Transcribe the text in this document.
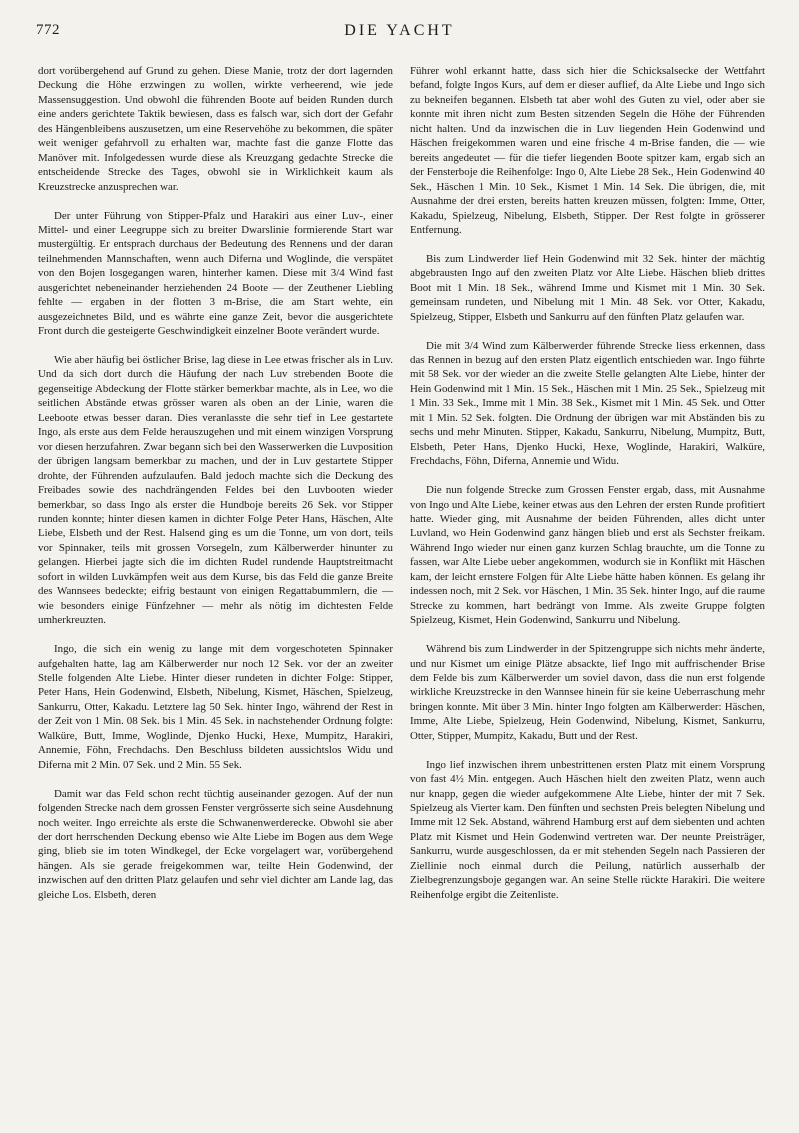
772	DIE YACHT

dort vorübergehend auf Grund zu gehen. Diese Manie, trotz der dort lagernden Deckung die Höhe erzwingen zu wollen, wirkte verheerend, wie jede Massensuggestion. Und obwohl die führenden Boote auf beiden Runden durch eine anders gerichtete Taktik bewiesen, dass es falsch war, sich dort der Gefahr des Hängenbleibens auszusetzen, um eine Reservehöhe zu bekommen, die später weit weniger gefahrvoll zu erhalten war, machte fast die ganze Flotte das Manöver mit. Infolgedessen wurde diese als Kreuzgang gedachte Strecke die entscheidende Strecke des Tages, obwohl sie in Wirklichkeit kaum als Kreuzstrecke anzusprechen war.

Der unter Führung von Stipper-Pfalz und Harakiri aus einer Luv-, einer Mittel- und einer Leegruppe sich zu breiter Dwarslinie formierende Start war mustergültig. Er entsprach durchaus der Bedeutung des Rennens und der daran teilnehmenden Mannschaften, wenn auch Diferna und Woglinde, die verspätet von den Bojen losgegangen waren, hinterher kamen. Diese mit 3/4 Wind fast ausgerichtet nebeneinander herziehenden 24 Boote — der Zeuthener Liebling fehlte — ergaben in der flotten 3 m-Brise, die am Start wehte, ein ausgezeichnetes Bild, und es währte eine ganze Zeit, bevor die ausgerichtete Front durch die gesteigerte Geschwindigkeit einzelner Boote verändert wurde.

Wie aber häufig bei östlicher Brise, lag diese in Lee etwas frischer als in Luv. Und da sich dort durch die Häufung der nach Luv strebenden Boote die gegenseitige Abdeckung der Flotte stärker bemerkbar machte, als in Lee, wo die seitlichen Abstände etwas grösser waren als oben an der Linie, waren die Leeboote etwas besser daran. Dies veranlasste die sehr tief in Lee gestartete Ingo, als erste aus dem Felde herauszugehen und mit einem winzigen Vorsprung vor diesen herzufahren. Zwar begann sich bei den Wasserwerken die Luvposition der übrigen langsam bemerkbar zu machen, und der in Luv gestartete Stipper drohte, der Führenden aufzulaufen. Bald jedoch machte sich die Deckung des Freibades sowie des nachdrängenden Feldes bei den Luvbooten wieder bemerkbar, so dass Ingo als erster die Hundboje bereits 26 Sek. vor Stipper runden konnte; hinter diesen kamen in dichter Folge Peter Hans, Häschen, Alte Liebe, Elsbeth und der Rest. Halsend ging es um die Tonne, um von dort, teils vor Spinnaker, teils mit grossen Vorsegeln, zum Kälberwerder hinunter zu gelangen. Hierbei jagte sich die im dichten Rudel rundende Hauptstreitmacht sofort in wilden Luvkämpfen weit aus dem Kurse, bis das Feld die ganze Breite des Wannsees bedeckte; eifrig bestaunt von einigen Regattabummlern, die — wie besonders einige Fünfzehner — mehr als nötig im dichtesten Felde umherkreuzten.

Ingo, die sich ein wenig zu lange mit dem vorgeschoteten Spinnaker aufgehalten hatte, lag am Kälberwerder nur noch 12 Sek. vor der an zweiter Stelle folgenden Alte Liebe. Hinter dieser rundeten in dichter Folge: Stipper, Peter Hans, Hein Godenwind, Elsbeth, Nibelung, Kismet, Häschen, Spielzeug, Sankurru, Otter, Kakadu. Letztere lag 50 Sek. hinter Ingo, während der Rest in der Zeit von 1 Min. 08 Sek. bis 1 Min. 45 Sek. in nachstehender Ordnung folgte: Walküre, Butt, Imme, Woglinde, Djenko Hucki, Hexe, Mumpitz, Harakiri, Annemie, Föhn, Frechdachs. Den Beschluss bildeten aussichtslos Widu und Diferna mit 2 Min. 07 Sek. und 2 Min. 55 Sek.

Damit war das Feld schon recht tüchtig auseinander gezogen. Auf der nun folgenden Strecke nach dem grossen Fenster vergrösserte sich seine Ausdehnung noch weiter. Ingo erreichte als erste die Schwanenwerderecke. Obwohl sie aber der dort herrschenden Deckung ebenso wie Alte Liebe im Bogen aus dem Wege ging, blieb sie im toten Windkegel, der Ecke vorgelagert war, vorübergehend hängen. Als sie gerade freigekommen war, teilte Hein Godenwind, der inzwischen auf den dritten Platz gelaufen und sehr viel dichter am Lande lag, das gleiche Los. Elsbeth, deren

Führer wohl erkannt hatte, dass sich hier die Schicksalsecke der Wettfahrt befand, folgte Ingos Kurs, auf dem er dieser auflief, da Alte Liebe und Ingo sich zu bekneifen begannen. Elsbeth tat aber wohl des Guten zu viel, oder aber sie konnte mit ihren nicht zum Besten sitzenden Segeln die Höhe der Führenden nicht halten. Und da inzwischen die in Luv liegenden Hein Godenwind und Häschen freigekommen waren und eine frische 4 m-Brise fanden, die — wie bereits angedeutet — für die tiefer liegenden Boote spitzer kam, ergab sich an der Fensterboje die Reihenfolge: Ingo 0, Alte Liebe 28 Sek., Hein Godenwind 40 Sek., Häschen 1 Min. 10 Sek., Kismet 1 Min. 14 Sek. Die übrigen, die, mit Ausnahme der drei ersten, bereits hatten kreuzen müssen, folgten: Imme, Otter, Kakadu, Spielzeug, Nibelung, Elsbeth, Stipper. Der Rest folgte in grösserer Entfernung.

Bis zum Lindwerder lief Hein Godenwind mit 32 Sek. hinter der mächtig abgebrausten Ingo auf den zweiten Platz vor Alte Liebe. Häschen blieb drittes Boot mit 1 Min. 18 Sek., während Imme und Kismet mit 1 Min. 30 Sek. gemeinsam rundeten, und Nibelung mit 1 Min. 48 Sek. vor Otter, Kakadu, Spielzeug, Stipper, Elsbeth und Sankurru auf den fünften Platz gelaufen war.

Die mit 3/4 Wind zum Kälberwerder führende Strecke liess erkennen, dass das Rennen in bezug auf den ersten Platz eigentlich entschieden war. Ingo führte mit 58 Sek. vor der wieder an die zweite Stelle gelangten Alte Liebe, hinter der Hein Godenwind mit 1 Min. 15 Sek., Häschen mit 1 Min. 25 Sek., Spielzeug mit 1 Min. 33 Sek., Imme mit 1 Min. 38 Sek., Kismet mit 1 Min. 45 Sek. und Otter mit 1 Min. 52 Sek. folgten. Die Ordnung der übrigen war mit Abständen bis zu sechs und mehr Minuten. Stipper, Kakadu, Sankurru, Nibelung, Mumpitz, Butt, Elsbeth, Peter Hans, Djenko Hucki, Hexe, Woglinde, Harakiri, Walküre, Frechdachs, Föhn, Diferna, Annemie und Widu.

Die nun folgende Strecke zum Grossen Fenster ergab, dass, mit Ausnahme von Ingo und Alte Liebe, keiner etwas aus den Lehren der ersten Runde profitiert hatte. Wieder ging, mit Ausnahme der beiden Führenden, alles dicht unter Luvland, wo Hein Godenwind ganz hängen blieb und erst als Sechster freikam. Während Ingo wieder nur einen ganz kurzen Schlag brauchte, um die Tonne zu fassen, war Alte Liebe ueber angekommen, wodurch sie in Konflikt mit Häschen kam, der leicht ernstere Folgen für Alte Liebe hätte haben können. Es gelang ihr indessen noch, mit 2 Sek. vor Häschen, 1 Min. 35 Sek. hinter Ingo, auf die raume Strecke zu kommen, hart bedrängt von Imme. Als zweite Gruppe folgten Spielzeug, Kismet, Hein Godenwind, Sankurru und Nibelung.

Während bis zum Lindwerder in der Spitzengruppe sich nichts mehr änderte, und nur Kismet um einige Plätze absackte, lief Ingo mit auffrischender Brise dem Felde bis zum Kälberwerder um soviel davon, dass die nun erst folgende wirkliche Kreuzstrecke in den Wannsee hinein für sie keine Ueberraschung mehr bringen konnte. Mit über 3 Min. hinter Ingo folgten am Kälberwerder: Häschen, Imme, Alte Liebe, Spielzeug, Hein Godenwind, Nibelung, Kismet, Sankurru, Otter, Stipper, Mumpitz, Kakadu, Butt und der Rest.

Ingo lief inzwischen ihrem unbestrittenen ersten Platz mit einem Vorsprung von fast 4½ Min. entgegen. Auch Häschen hielt den zweiten Platz, wenn auch nur knapp, gegen die wieder aufgekommene Alte Liebe, hinter der mit 7 Sek. Spielzeug als Vierter kam. Den fünften und sechsten Preis belegten Nibelung und Imme mit 12 Sek. Abstand, während Hamburg erst auf dem siebenten und achten Platz mit Kismet und Hein Godenwind vertreten war. Der neunte Preisträger, Sankurru, wurde ausgeschlossen, da er mit stehenden Segeln nach Passieren der Ziellinie noch einmal durch die Peilung, natürlich ausserhalb der Zielbegrenzungsboje gegangen war. An seine Stelle rückte Harakiri. Die weitere Reihenfolge ergibt die Zeitenliste.
